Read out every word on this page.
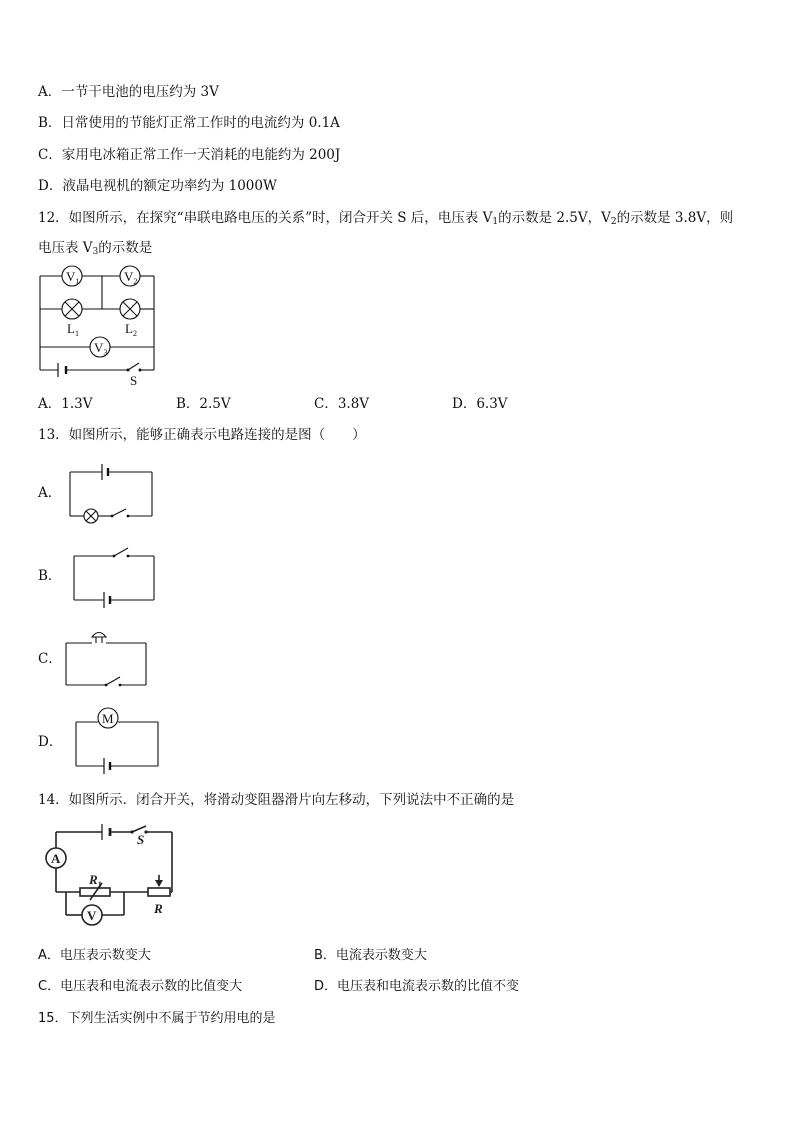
A．一节干电池的电压约为 3V
B．日常使用的节能灯正常工作时的电流约为 0.1A
C．家用电冰箱正常工作一天消耗的电能约为 200J
D．液晶电视机的额定功率约为 1000W
12．如图所示，在探究“串联电路电压的关系”时，闭合开关 S 后，电压表 $V_1$的示数是 2.5V，$V_2$的示数是 3.8V，则
电压表 $V_3$的示数是
$V_1$	$V_2$
$V_3$
$L_1$	$L_2$
S
A．1.3V	B．2.5V	C．3.8V	D．6.3V
13．如图所示，能够正确表示电路连接的是图（　　）
A．
B．
C．
D．
M
14．如图所示．闭合开关，将滑动变阻器滑片向左移动，下列说法中不正确的是
A
V
S
$R_1$
R
A．电压表示数变大	B．电流表示数变大
C．电压表和电流表示数的比值变大	D．电压表和电流表示数的比值不变
15．下列生活实例中不属于节约用电的是
